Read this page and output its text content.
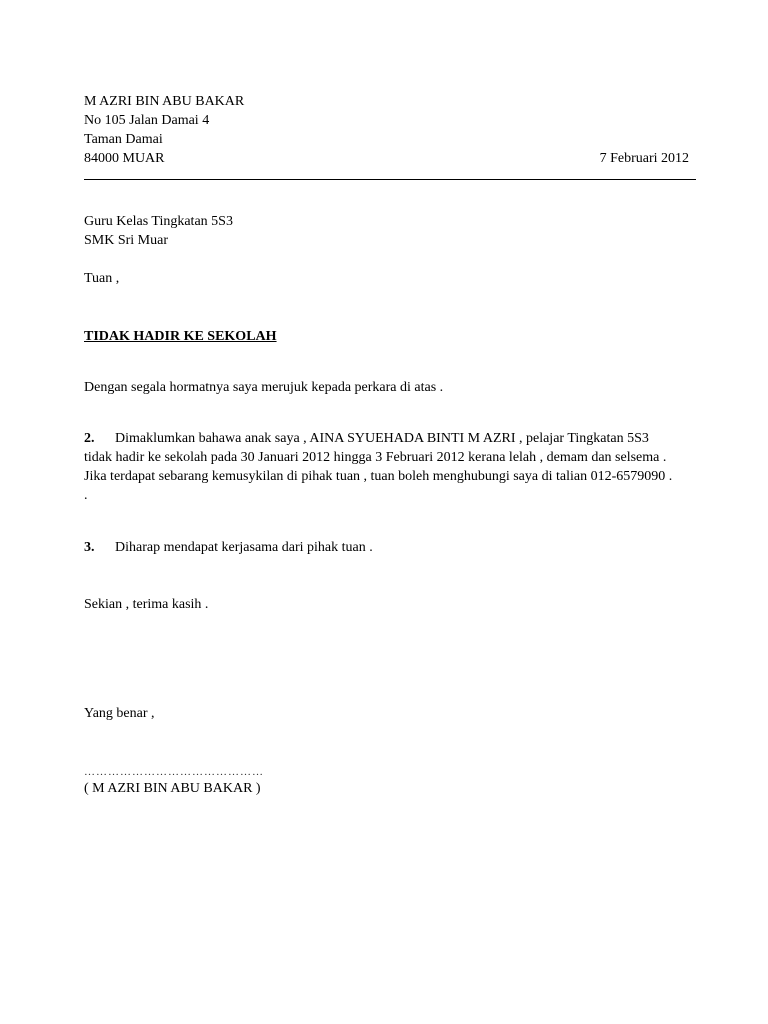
M AZRI BIN ABU BAKAR
No 105 Jalan Damai 4
Taman Damai
84000 MUAR	7 Februari 2012
Guru Kelas Tingkatan 5S3
SMK Sri Muar
Tuan ,
TIDAK HADIR KE SEKOLAH
Dengan segala hormatnya saya merujuk kepada perkara di atas .
2. Dimaklumkan bahawa anak saya , AINA SYUEHADA BINTI M AZRI , pelajar Tingkatan 5S3
tidak hadir ke sekolah pada 30 Januari 2012 hingga 3 Februari 2012 kerana lelah , demam dan selsema .
Jika terdapat sebarang kemusykilan di pihak tuan , tuan boleh menghubungi saya di talian 012-6579090 .
.
3. Diharap mendapat kerjasama dari pihak tuan .
Sekian , terima kasih .
Yang benar ,
………………………………………
( M AZRI BIN ABU BAKAR )
